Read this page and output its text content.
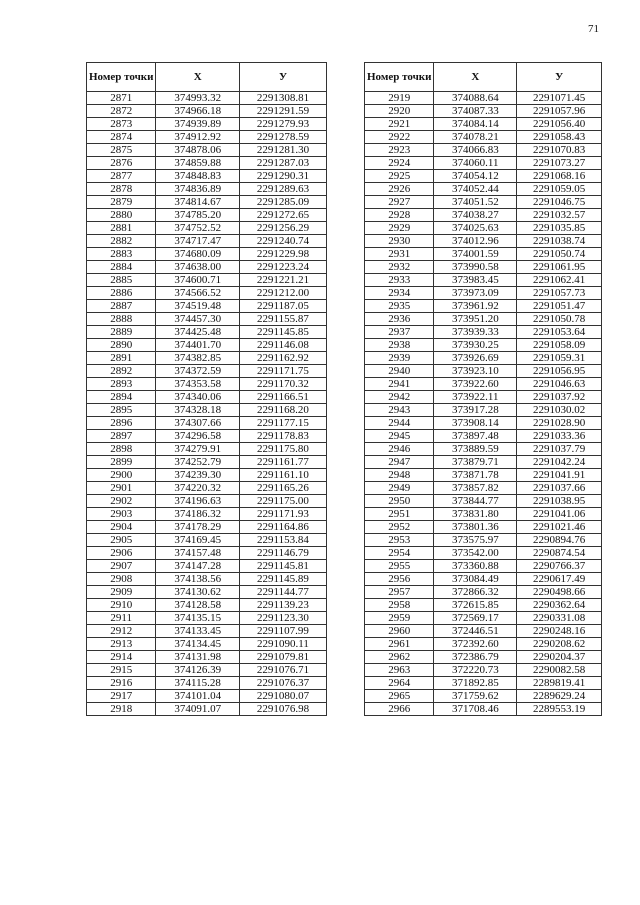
71
Номер точки	Х	У
2871	374993.32	2291308.81
2872	374966.18	2291291.59
2873	374939.89	2291279.93
2874	374912.92	2291278.59
2875	374878.06	2291281.30
2876	374859.88	2291287.03
2877	374848.83	2291290.31
2878	374836.89	2291289.63
2879	374814.67	2291285.09
2880	374785.20	2291272.65
2881	374752.52	2291256.29
2882	374717.47	2291240.74
2883	374680.09	2291229.98
2884	374638.00	2291223.24
2885	374600.71	2291221.21
2886	374566.52	2291212.00
2887	374519.48	2291187.05
2888	374457.30	2291155.87
2889	374425.48	2291145.85
2890	374401.70	2291146.08
2891	374382.85	2291162.92
2892	374372.59	2291171.75
2893	374353.58	2291170.32
2894	374340.06	2291166.51
2895	374328.18	2291168.20
2896	374307.66	2291177.15
2897	374296.58	2291178.83
2898	374279.91	2291175.80
2899	374252.79	2291161.77
2900	374239.30	2291161.10
2901	374220.32	2291165.26
2902	374196.63	2291175.00
2903	374186.32	2291171.93
2904	374178.29	2291164.86
2905	374169.45	2291153.84
2906	374157.48	2291146.79
2907	374147.28	2291145.81
2908	374138.56	2291145.89
2909	374130.62	2291144.77
2910	374128.58	2291139.23
2911	374135.15	2291123.30
2912	374133.45	2291107.99
2913	374134.45	2291090.11
2914	374131.98	2291079.81
2915	374126.39	2291076.71
2916	374115.28	2291076.37
2917	374101.04	2291080.07
2918	374091.07	2291076.98
Номер точки	Х	У
2919	374088.64	2291071.45
2920	374087.33	2291057.96
2921	374084.14	2291056.40
2922	374078.21	2291058.43
2923	374066.83	2291070.83
2924	374060.11	2291073.27
2925	374054.12	2291068.16
2926	374052.44	2291059.05
2927	374051.52	2291046.75
2928	374038.27	2291032.57
2929	374025.63	2291035.85
2930	374012.96	2291038.74
2931	374001.59	2291050.74
2932	373990.58	2291061.95
2933	373983.45	2291062.41
2934	373973.09	2291057.73
2935	373961.92	2291051.47
2936	373951.20	2291050.78
2937	373939.33	2291053.64
2938	373930.25	2291058.09
2939	373926.69	2291059.31
2940	373923.10	2291056.95
2941	373922.60	2291046.63
2942	373922.11	2291037.92
2943	373917.28	2291030.02
2944	373908.14	2291028.90
2945	373897.48	2291033.36
2946	373889.59	2291037.79
2947	373879.71	2291042.24
2948	373871.78	2291041.91
2949	373857.82	2291037.66
2950	373844.77	2291038.95
2951	373831.80	2291041.06
2952	373801.36	2291021.46
2953	373575.97	2290894.76
2954	373542.00	2290874.54
2955	373360.88	2290766.37
2956	373084.49	2290617.49
2957	372866.32	2290498.66
2958	372615.85	2290362.64
2959	372569.17	2290331.08
2960	372446.51	2290248.16
2961	372392.60	2290208.62
2962	372386.79	2290204.37
2963	372220.73	2290082.58
2964	371892.85	2289819.41
2965	371759.62	2289629.24
2966	371708.46	2289553.19
